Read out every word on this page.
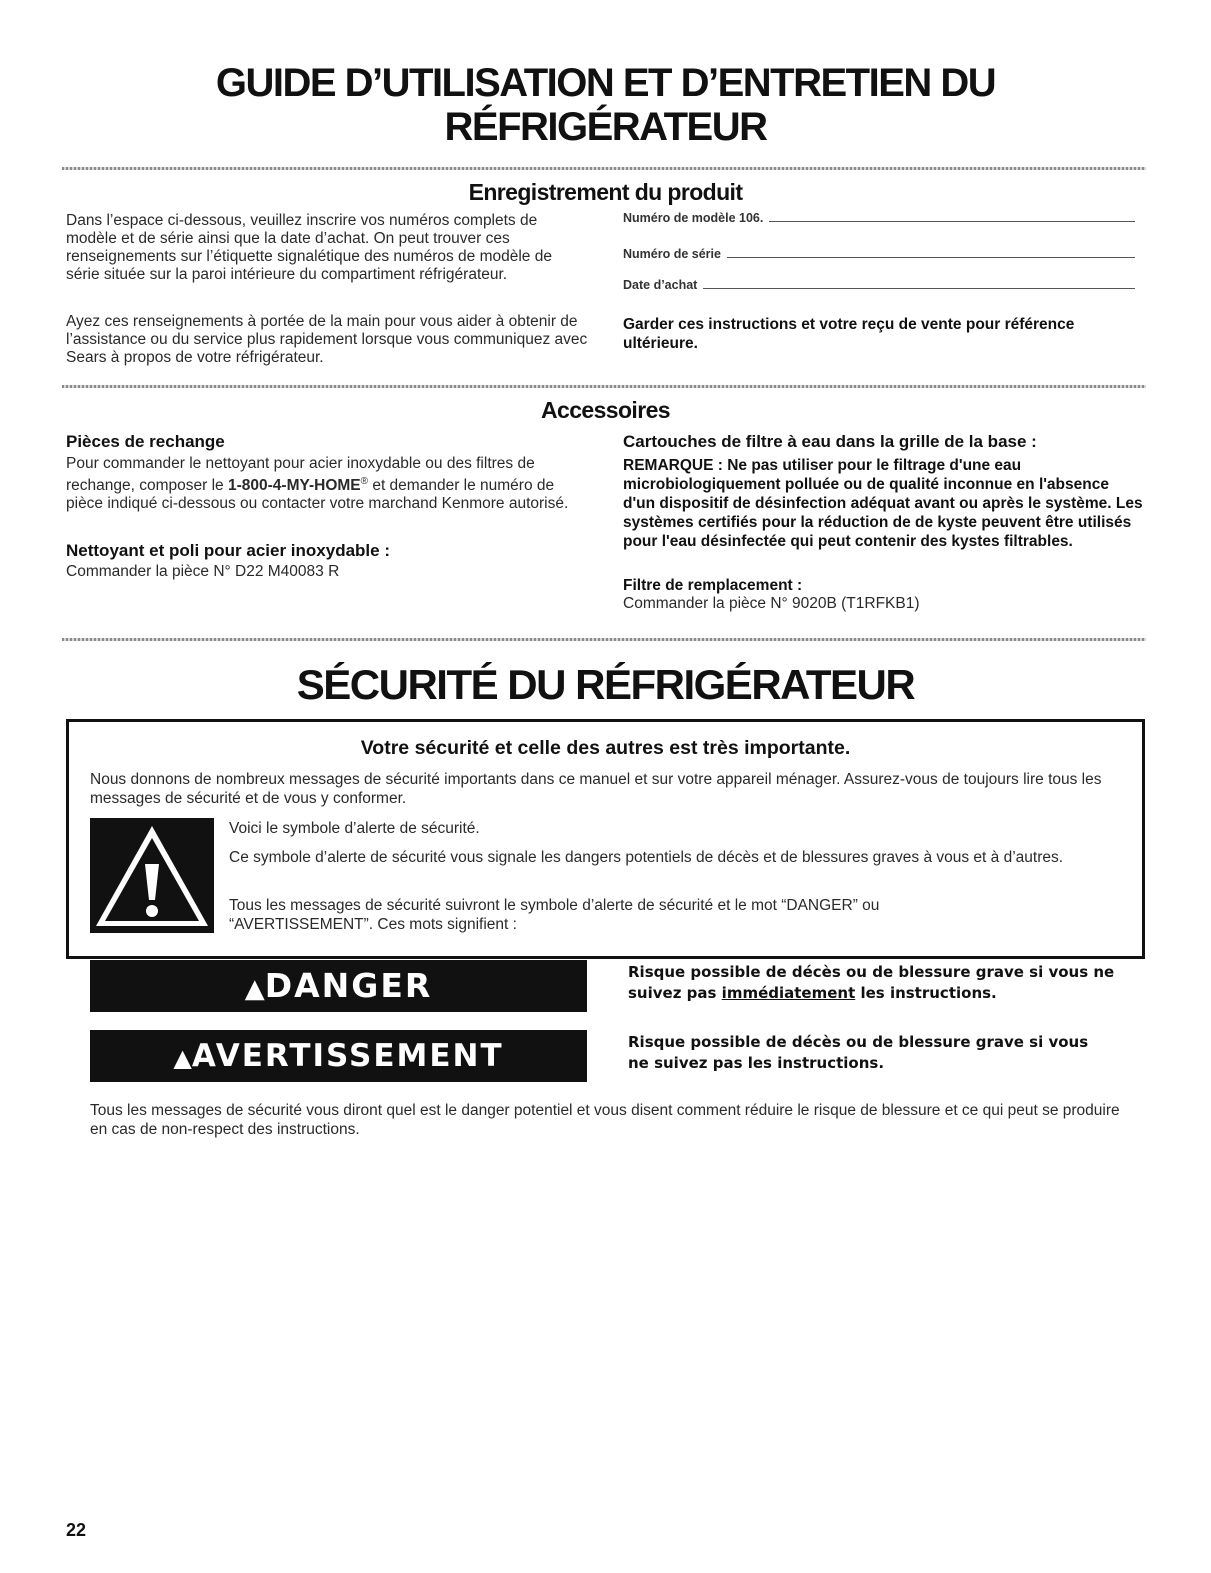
GUIDE D’UTILISATION ET D’ENTRETIEN DU
RÉFRIGÉRATEUR
Enregistrement du produit
Dans l’espace ci-dessous, veuillez inscrire vos numéros complets de modèle et de série ainsi que la date d’achat. On peut trouver ces renseignements sur l’étiquette signalétique des numéros de modèle de série située sur la paroi intérieure du compartiment réfrigérateur.
Ayez ces renseignements à portée de la main pour vous aider à obtenir de l’assistance ou du service plus rapidement lorsque vous communiquez avec Sears à propos de votre réfrigérateur.
Numéro de modèle 106.
Numéro de série
Date d’achat
Garder ces instructions et votre reçu de vente pour référence ultérieure.
Accessoires
Pièces de rechange
Pour commander le nettoyant pour acier inoxydable ou des filtres de rechange, composer le 1-800-4-MY-HOME® et demander le numéro de pièce indiqué ci-dessous ou contacter votre marchand Kenmore autorisé.
Nettoyant et poli pour acier inoxydable :
Commander la pièce N° D22 M40083 R
Cartouches de filtre à eau dans la grille de la base :
REMARQUE : Ne pas utiliser pour le filtrage d'une eau microbiologiquement polluée ou de qualité inconnue en l'absence d'un dispositif de désinfection adéquat avant ou après le système. Les systèmes certifiés pour la réduction de de kyste peuvent être utilisés pour l'eau désinfectée qui peut contenir des kystes filtrables.
Filtre de remplacement :
Commander la pièce N° 9020B (T1RFKB1)
SÉCURITÉ DU RÉFRIGÉRATEUR
Votre sécurité et celle des autres est très importante.
Nous donnons de nombreux messages de sécurité importants dans ce manuel et sur votre appareil ménager. Assurez-vous de toujours lire tous les messages de sécurité et de vous y conformer.
Voici le symbole d’alerte de sécurité.
Ce symbole d’alerte de sécurité vous signale les dangers potentiels de décès et de blessures graves à vous et à d’autres.
Tous les messages de sécurité suivront le symbole d’alerte de sécurité et le mot “DANGER” ou “AVERTISSEMENT”. Ces mots signifient :
▲DANGER	Risque possible de décès ou de blessure grave si vous ne suivez pas immédiatement les instructions.
▲AVERTISSEMENT	Risque possible de décès ou de blessure grave si vous ne suivez pas les instructions.
Tous les messages de sécurité vous diront quel est le danger potentiel et vous disent comment réduire le risque de blessure et ce qui peut se produire en cas de non-respect des instructions.
22
